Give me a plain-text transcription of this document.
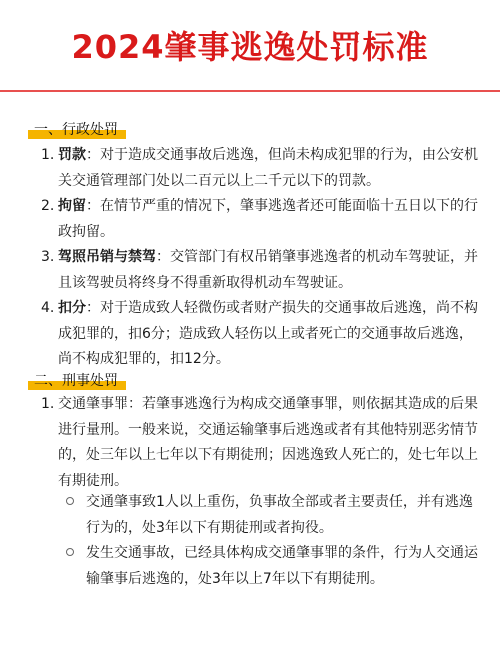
2024肇事逃逸处罚标准
一、行政处罚
1. 罚款：对于造成交通事故后逃逸，但尚未构成犯罪的行为，由公安机关交通管理部门处以二百元以上二千元以下的罚款。
2. 拘留：在情节严重的情况下，肇事逃逸者还可能面临十五日以下的行政拘留。
3. 驾照吊销与禁驾：交管部门有权吊销肇事逃逸者的机动车驾驶证，并且该驾驶员将终身不得重新取得机动车驾驶证。
4. 扣分：对于造成致人轻微伤或者财产损失的交通事故后逃逸，尚不构成犯罪的，扣6分；造成致人轻伤以上或者死亡的交通事故后逃逸，尚不构成犯罪的，扣12分。
二、刑事处罚
1. 交通肇事罪：若肇事逃逸行为构成交通肇事罪，则依据其造成的后果进行量刑。一般来说，交通运输肇事后逃逸或者有其他特别恶劣情节的，处三年以上七年以下有期徒刑；因逃逸致人死亡的，处七年以上有期徒刑。
交通肇事致1人以上重伤，负事故全部或者主要责任，并有逃逸行为的，处3年以下有期徒刑或者拘役。
发生交通事故，已经具体构成交通肇事罪的条件，行为人交通运输肇事后逃逸的，处3年以上7年以下有期徒刑。
